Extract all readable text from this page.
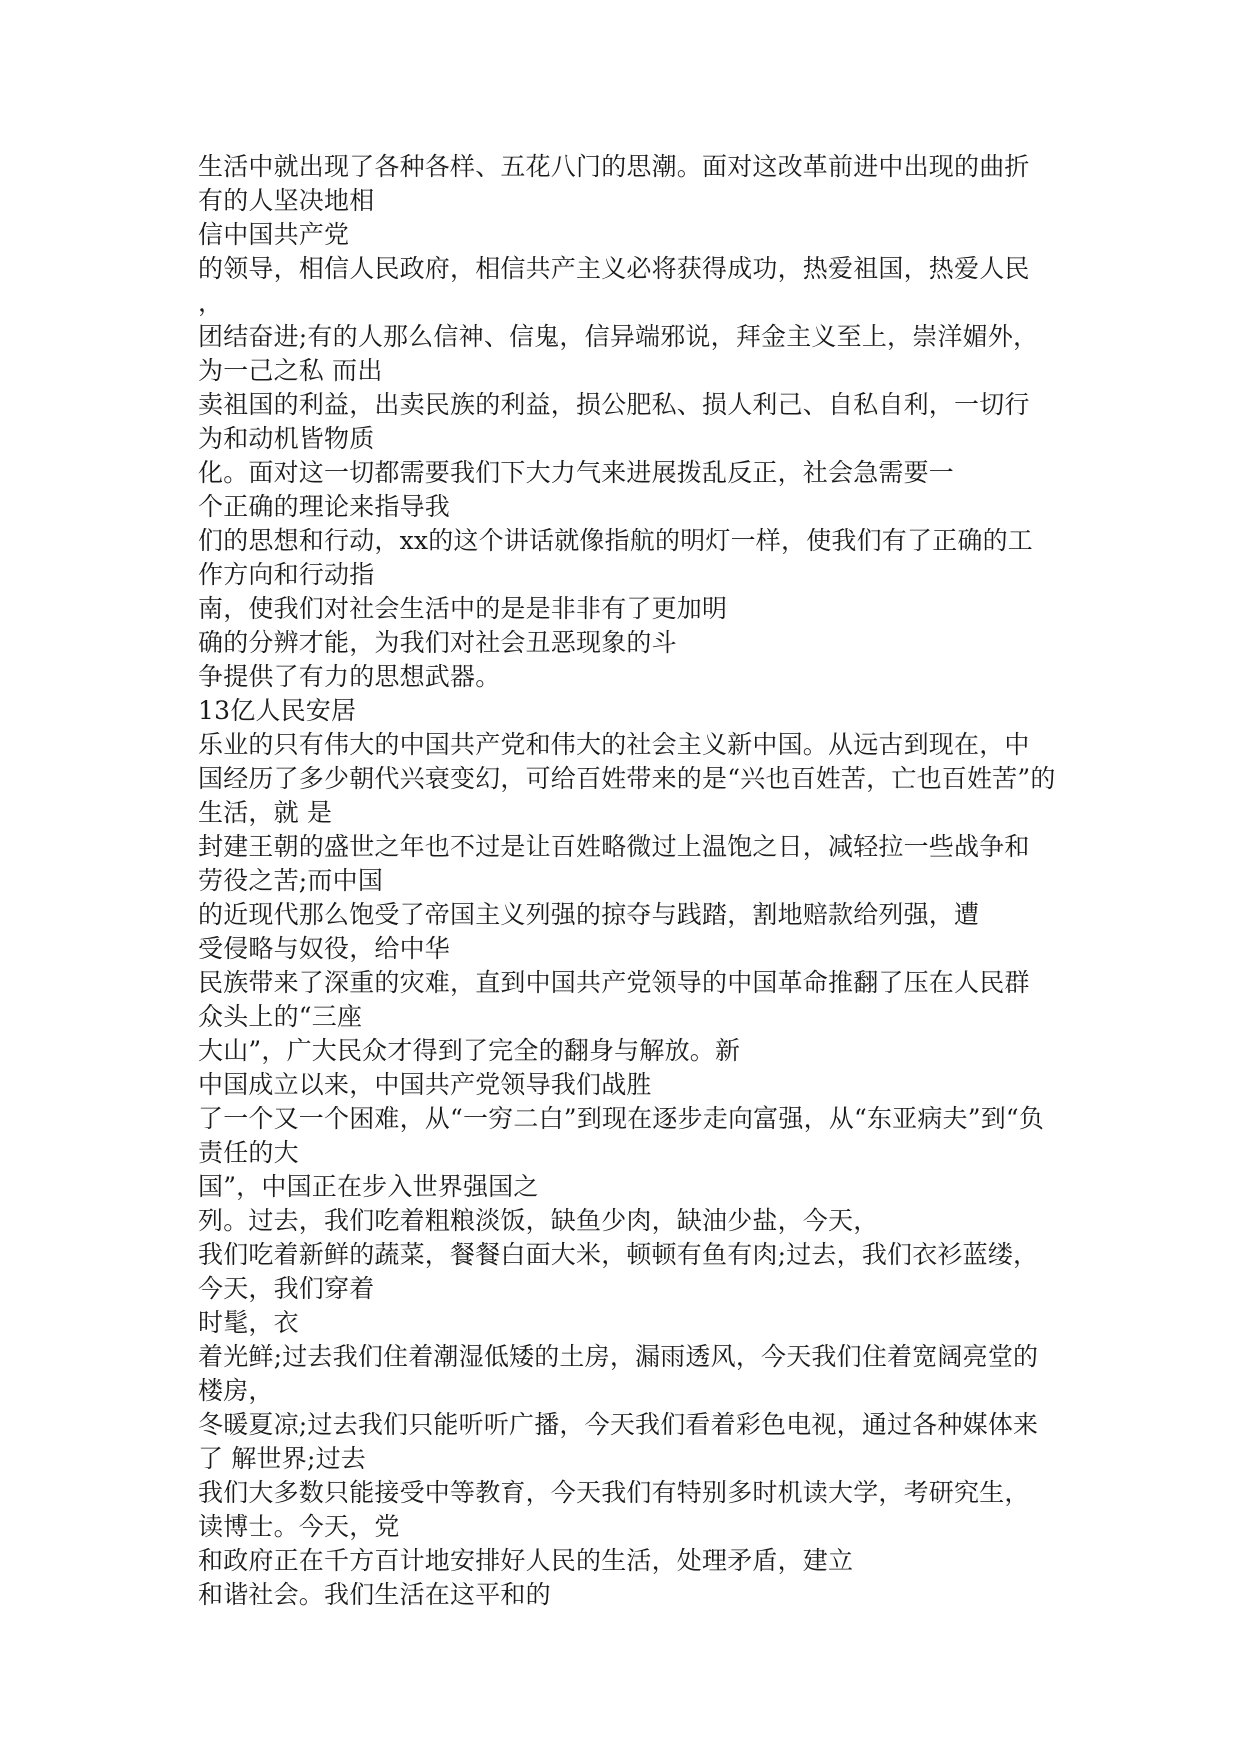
生活中就出现了各种各样、五花八门的思潮。面对这改革前进中出现的曲折
有的人坚决地相
信中国共产党
的领导，相信人民政府，相信共产主义必将获得成功，热爱祖国，热爱人民
，
团结奋进;有的人那么信神、信鬼，信异端邪说，拜金主义至上，崇洋媚外，
为一己之私 而出
卖祖国的利益，出卖民族的利益，损公肥私、损人利己、自私自利，一切行
为和动机皆物质
化。面对这一切都需要我们下大力气来进展拨乱反正，社会急需要一
个正确的理论来指导我
们的思想和行动，xx的这个讲话就像指航的明灯一样，使我们有了正确的工
作方向和行动指
南，使我们对社会生活中的是是非非有了更加明
确的分辨才能，为我们对社会丑恶现象的斗
争提供了有力的思想武器。
13亿人民安居
乐业的只有伟大的中国共产党和伟大的社会主义新中国。从远古到现在，中
国经历了多少朝代兴衰变幻，可给百姓带来的是“兴也百姓苦，亡也百姓苦”的
生活，就 是
封建王朝的盛世之年也不过是让百姓略微过上温饱之日，减轻拉一些战争和
劳役之苦;而中国
的近现代那么饱受了帝国主义列强的掠夺与践踏，割地赔款给列强，遭
受侵略与奴役，给中华
民族带来了深重的灾难，直到中国共产党领导的中国革命推翻了压在人民群
众头上的“三座
大山”，广大民众才得到了完全的翻身与解放。新
中国成立以来，中国共产党领导我们战胜
了一个又一个困难，从“一穷二白”到现在逐步走向富强，从“东亚病夫”到“负
责任的大
国”，中国正在步入世界强国之
列。过去，我们吃着粗粮淡饭，缺鱼少肉，缺油少盐，今天，
我们吃着新鲜的蔬菜，餐餐白面大米，顿顿有鱼有肉;过去，我们衣衫蓝缕，
今天，我们穿着
时髦，衣
着光鲜;过去我们住着潮湿低矮的土房，漏雨透风，今天我们住着宽阔亮堂的
楼房，
冬暖夏凉;过去我们只能听听广播，今天我们看着彩色电视，通过各种媒体来
了 解世界;过去
我们大多数只能接受中等教育，今天我们有特别多时机读大学，考研究生，
读博士。今天，党
和政府正在千方百计地安排好人民的生活，处理矛盾，建立
和谐社会。我们生活在这平和的
